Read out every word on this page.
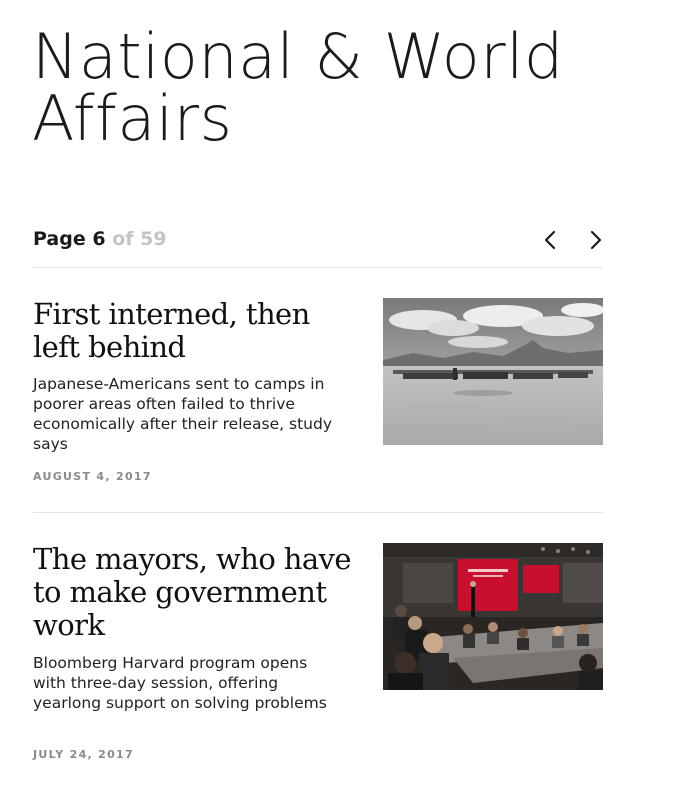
National & World
Affairs
Page 6 of 59
First interned, then left behind

Japanese-Americans sent to camps in poorer areas often failed to thrive economically after their release, study says

AUGUST 4, 2017
The mayors, who have to make government work

Bloomberg Harvard program opens with three-day session, offering yearlong support on solving problems

JULY 24, 2017
